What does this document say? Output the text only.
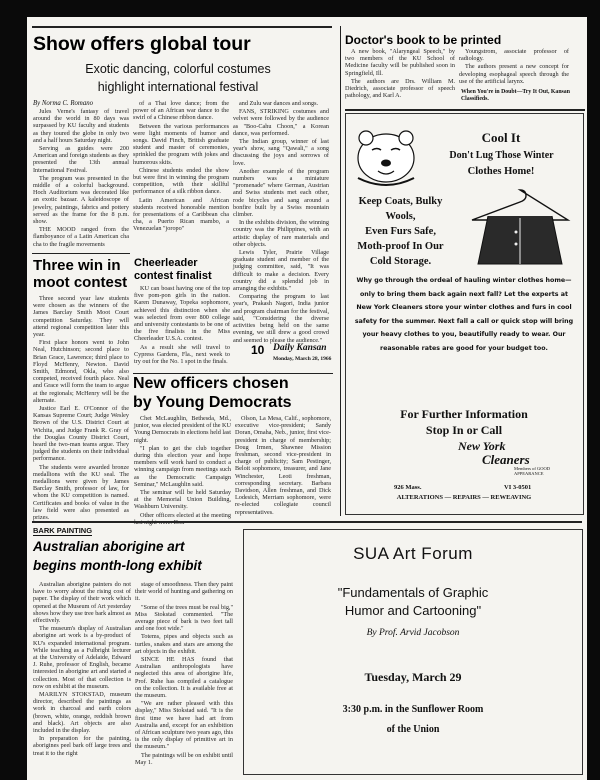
Show offers global tour
Exotic dancing, colorful costumes
highlight international festival
By Norma C. Romano

Jules Verne's fantasy of travel around the world in 80 days was surpassed by KU faculty and students as they toured the globe in only two and a half hours Saturday night.

Serving as guides were 200 American and foreign students as they presented the 13th annual International Festival.

The program was presented in the middle of a colorful background. Hoch Auditorium was decorated like an exotic bazaar. A kaleidoscope of jewelry, paintings, fabrics and pottery served as the frame for the 8 p.m. show.

THE MOOD ranged from the flamboyance of a Latin American cha cha to the fragile movements

of a Thai love dance; from the power of an African war dance to the swirl of a Chinese ribbon dance.

Between the various performances were light moments of humor and songs. David Finch, British graduate student and master of ceremonies, sprinkled the program with jokes and humorous skits.

Chinese students ended the show but were first in winning the program competition, with their skillful performance of a silk ribbon dance.

Latin American and African students received honorable mention for presentations of a Caribbean cha cha, a Puerto Rican mambo, a Venezuelan "joropo"

and Zulu war dances and songs.

FANS, STRIKING costumes and velvet were followed by the audience as "Boo-Cahu Choon," a Korean dance, was performed.

The Indian group, winner of last year's show, sang "Qawali," a song discussing the joys and sorrows of love.

Another example of the program numbers was a miniature "promenade" where German, Austrian and Swiss students met each other, rode bicycles and sang around a bonfire built by a Swiss mountain climber.

In the exhibits division, the winning country was the Philippines, with an artistic display of rare materials and other objects.

Lewis Tyler, Prairie Village graduate student and member of the judging committee, said, "It was difficult to make a decision. Every country did a splendid job in arranging the exhibits."

Comparing the program to last year's, Prakash Nagori, India junior and program chairman for the festival, said, "Considering the diverse activities being held on the same evening, we still drew a good crowd and seemed to please the audience."

Three win in
moot contest

Three second year law students were chosen as the winners of the James Barclay Smith Moot Court competition Saturday. They will attend regional competition later this year.

First place honors went to John Neal, Hutchinson; second place to Brian Grace, Lawrence; third place to Floyd McHenry, Newton. David Smith, Edmond, Okla, who also competed, received fourth place. Neal and Grace will form the team to argue at the regionals; McHenry will be the alternate.

Justice Earl E. O'Connor of the Kansas Supreme Court; Judge Wesley Brown of the U.S. District Court at Wichita, and Judge Frank R. Gray of the Douglas County District Court, heard the two-man teams argue. They judged the students on their individual performance.

The students were awarded bronze medallions with the KU seal. The medallions were given by James Barclay Smith, professor of law, for whom the KU competition is named. Certificates and books of value in the law field were also presented as prizes.

Cheerleader
contest finalist

KU can boast having one of the top five pom-pon girls in the nation. Karen Dunaway, Topeka sophomore, achieved this distinction when she was selected from over 800 college and university contestants to be one of the five finalists in the Miss Cheerleader U.S.A. contest.

As a result she will travel to Cypress Gardens, Fla., next week to try out for the No. 1 spot in the finals.

10 Daily Kansan
Monday, March 28, 1966
New officers chosen
by Young Democrats

Chet McLaughlin, Bethesda, Md., junior, was elected president of the KU Young Democrats in elections held last night.

"I plan to get the club together during this election year and hope members will work hard to conduct a winning campaign from meetings such as the Democratic Campaign Seminar," McLaughlin said.

The seminar will be held Saturday at the Memorial Union Building, Washburn University.

Other officers elected at the meeting

Olson, La Mesa, Calif., sophomore, executive vice-president; Sandy Doran, Omaha, Neb., junior, first vice-president in charge of membership; Doug Irmen, Shawnee Mission freshman, second vice-president in charge of publicity; Sam Pestinger, Beloit sophomore, treasurer, and Jane Winchester, Leoti freshman, corresponding secretary. Barbara Davidson, Allen freshman, and Dick Lodesich, Merriam sophomore, were re-elected collegiate council representatives.

Doctor's book to be printed

A new book, "Alaryngeal Speech," by two members of the KU School of Medicine faculty will be published soon in Springfield, Ill.

The authors are Drs. William M. Diedrich, associate professor of speech pathology, and Karl A.

Youngstrom, associate professor of radiology.

The authors present a new concept for developing esophageal speech through the use of the artificial larynx.

When You're in Doubt—Try It Out, Kansan Classifieds.
Cool It
Don't Lug Those Winter
Clothes Home!
Keep Coats, Bulky Wools,
Even Furs Safe,
Moth-proof In Our
Cold Storage.
Why go through the ordeal of hauling winter clothes home—only to bring them back again next fall? Let the experts at New York Cleaners store your winter clothes and furs in cool safety for the summer. Next fall a call or quick stop will bring your heavy clothes to you, beautifully ready to wear. Our reasonable rates are good for your budget too.
For Further Information
Stop In or Call
New York
Cleaners
Members of GOOD APPEARANCE
926 Mass.	VI 3-0501
ALTERATIONS — REPAIRS — REWEAVING
BARK PAINTING
Australian aborigine art
begins month-long exhibit

Australian aborigine painters do not have to worry about the rising cost of paper. The display of their work which opened at the Museum of Art yesterday shows how they use tree bark almost as effectively.

The museum's display of Australian aborigine art work is a by-product of KU's expanded international program. While teaching as a Fulbright lecturer at the University of Adelaide, Edward J. Ruhe, professor of English, became interested in aborigine art and started a collection. Most of that collection is now on exhibit at the museum.

MARILYN STOKSTAD, museum director, described the paintings as work in charcoal and earth colors (brown, white, orange, reddish brown and black). Art objects are also included in the display.

In preparation for the painting, aborigines peel bark off large trees and treat it to the right

stage of smoothness. Then they paint their world of hunting and gathering on it.

"Some of the trees must be real big," Miss Stokstad commented. "The average piece of bark is two feet tall and one foot wide."

Totems, pipes and objects such as turtles, snakes and stars are among the art objects in the exhibit.

SINCE HE HAS found that Australian anthropologists have neglected this area of aborigine life, Prof. Ruhe has compiled a catalogue on the collection. It is available free at the museum.

"We are rather pleased with this display," Miss Stokstad said. "It is the first time we have had art from Australia and, except for an exhibition of African sculpture two years ago, this is the only display of primitive art in the museum."

The paintings will be on exhibit until May 1.

SUA Art Forum
"Fundamentals of Graphic
Humor and Cartooning"
By Prof. Arvid Jacobson
Tuesday, March 29
3:30 p.m. in the Sunflower Room
of the Union
